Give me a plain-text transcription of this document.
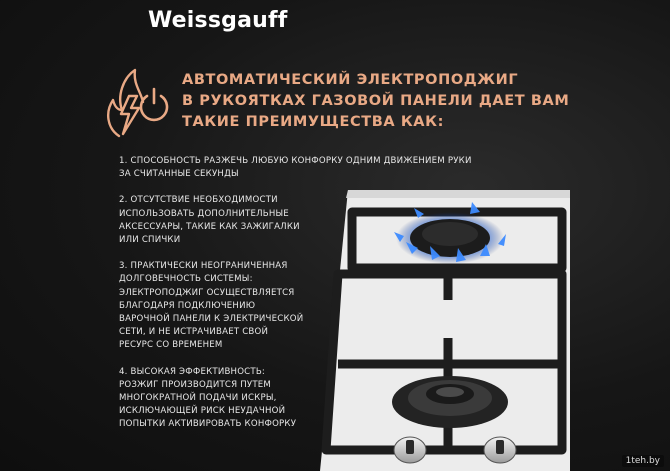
Weissgauff
АВТОМАТИЧЕСКИЙ ЭЛЕКТРОПОДЖИГ
В РУКОЯТКАХ ГАЗОВОЙ ПАНЕЛИ ДАЕТ ВАМ
ТАКИЕ ПРЕИМУЩЕСТВА КАК:
1. СПОСОБНОСТЬ РАЗЖЕЧЬ ЛЮБУЮ КОНФОРКУ ОДНИМ ДВИЖЕНИЕМ РУКИ
ЗА СЧИТАННЫЕ СЕКУНДЫ
2. ОТСУТСТВИЕ НЕОБХОДИМОСТИ
ИСПОЛЬЗОВАТЬ ДОПОЛНИТЕЛЬНЫЕ
АКСЕССУАРЫ, ТАКИЕ КАК ЗАЖИГАЛКИ
ИЛИ СПИЧКИ
3. ПРАКТИЧЕСКИ НЕОГРАНИЧЕННАЯ
ДОЛГОВЕЧНОСТЬ СИСТЕМЫ:
ЭЛЕКТРОПОДЖИГ ОСУЩЕСТВЛЯЕТСЯ
БЛАГОДАРЯ ПОДКЛЮЧЕНИЮ
ВАРОЧНОЙ ПАНЕЛИ К ЭЛЕКТРИЧЕСКОЙ
СЕТИ, И НЕ ИСТРАЧИВАЕТ СВОЙ
РЕСУРС СО ВРЕМЕНЕМ
4. ВЫСОКАЯ ЭФФЕКТИВНОСТЬ:
РОЗЖИГ ПРОИЗВОДИТСЯ ПУТЕМ
МНОГОКРАТНОЙ ПОДАЧИ ИСКРЫ,
ИСКЛЮЧАЮЩЕЙ РИСК НЕУДАЧНОЙ
ПОПЫТКИ АКТИВИРОВАТЬ КОНФОРКУ
1teh.by
